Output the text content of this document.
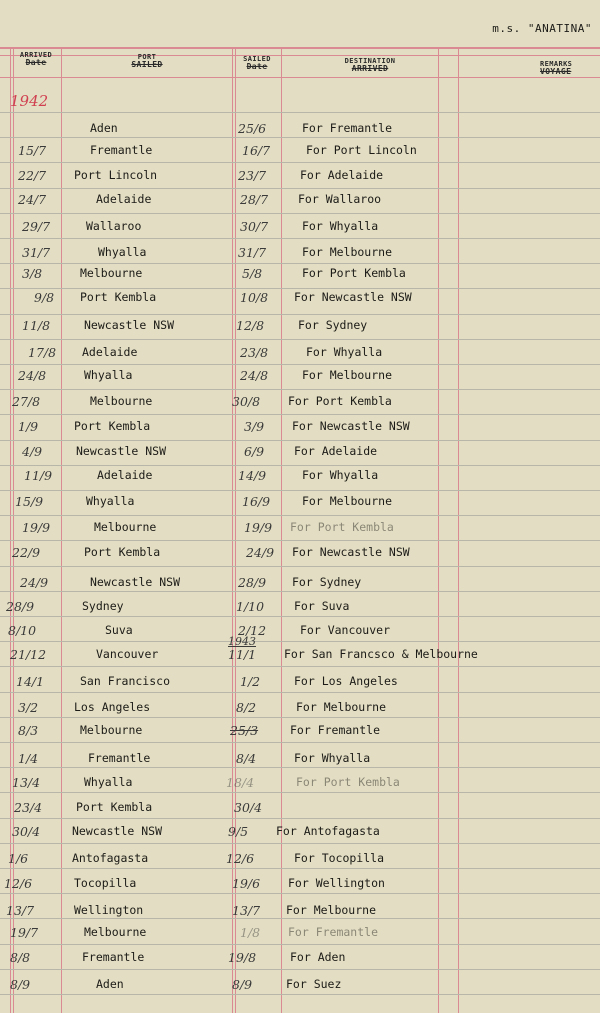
m.s. "ANATINA"
ARRIVED
Date
PORT
SAILED
SAILED
Date
DESTINATION
ARRIVED	REMARKS
VOYAGE
1942
1943
Aden	25/6	For Fremantle
15/7	Fremantle	16/7	For Port Lincoln
22/7 Port Lincoln	23/7	For Adelaide
24/7	Adelaide	28/7	For Wallaroo
29/7	Wallaroo	30/7	For Whyalla
31/7	Whyalla	31/7	For Melbourne
3/8	Melbourne	5/8	For Port Kembla
9/8 Port Kembla	10/8 For Newcastle NSW
11/8	Newcastle NSW	12/8	For Sydney
17/8 Adelaide	23/8	For Whyalla
24/8	Whyalla	24/8	For Melbourne
27/8	Melbourne	30/8 For Port Kembla
1/9	Port Kembla	3/9 For Newcastle NSW
4/9	Newcastle NSW	6/9	For Adelaide
11/9	Adelaide	14/9	For Whyalla
15/9	Whyalla	16/9	For Melbourne
19/9	Melbourne	19/9 For Port Kembla
22/9	Port Kembla	24/9 For Newcastle NSW
24/9	Newcastle NSW	28/9 For Sydney
28/9	Sydney	1/10	For Suva
8/10	Suva	2/12	For Vancouver
21/12	Vancouver	11/1 For San Francsco & Melbourne
14/1	San Francisco	1/2	For Los Angeles
3/2	Los Angeles	8/2	For Melbourne
8/3	Melbourne	25/3	For Fremantle
1/4	Fremantle	8/4	For Whyalla
13/4	Whyalla	18/4	For Port Kembla
23/4	Port Kembla	30/4
30/4	Newcastle NSW	9/5 For Antofagasta
1/6	Antofagasta	12/6	For Tocopilla
12/6	Tocopilla	19/6 For Wellington
13/7	Wellington	13/7 For Melbourne
19/7	Melbourne	1/8 For Fremantle
8/8	Fremantle	19/8	For Aden
8/9	Aden	8/9	For Suez
